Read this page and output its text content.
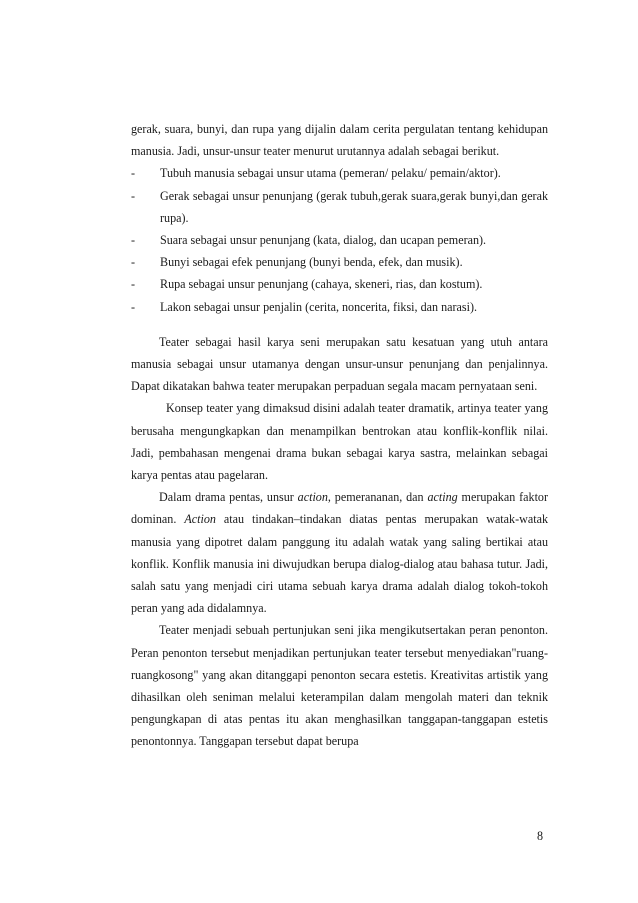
gerak, suara, bunyi, dan rupa yang dijalin dalam cerita pergulatan tentang kehidupan manusia. Jadi, unsur-unsur teater menurut urutannya adalah sebagai berikut.

- Tubuh manusia sebagai unsur utama (pemeran/ pelaku/ pemain/aktor).
- Gerak sebagai unsur penunjang (gerak tubuh,gerak suara,gerak bunyi,dan gerak rupa).
- Suara sebagai unsur penunjang (kata, dialog, dan ucapan pemeran).
- Bunyi sebagai efek penunjang (bunyi benda, efek, dan musik).
- Rupa sebagai unsur penunjang (cahaya, skeneri, rias, dan kostum).
- Lakon sebagai unsur penjalin (cerita, noncerita, fiksi, dan narasi).

Teater sebagai hasil karya seni merupakan satu kesatuan yang utuh antara manusia sebagai unsur utamanya dengan unsur-unsur penunjang dan penjalinnya. Dapat dikatakan bahwa teater merupakan perpaduan segala macam pernyataan seni.

Konsep teater yang dimaksud disini adalah teater dramatik, artinya teater yang berusaha mengungkapkan dan menampilkan bentrokan atau konflik-konflik nilai. Jadi, pembahasan mengenai drama bukan sebagai karya sastra, melainkan sebagai karya pentas atau pagelaran.

Dalam drama pentas, unsur action, pemerananan, dan acting merupakan faktor dominan. Action atau tindakan–tindakan diatas pentas merupakan watak-watak manusia yang dipotret dalam panggung itu adalah watak yang saling bertikai atau konflik. Konflik manusia ini diwujudkan berupa dialog-dialog atau bahasa tutur. Jadi, salah satu yang menjadi ciri utama sebuah karya drama adalah dialog tokoh-tokoh peran yang ada didalamnya.

Teater menjadi sebuah pertunjukan seni jika mengikutsertakan peran penonton. Peran penonton tersebut menjadikan pertunjukan teater tersebut menyediakan"ruang-ruangkosong" yang akan ditanggapi penonton secara estetis. Kreativitas artistik yang dihasilkan oleh seniman melalui keterampilan dalam mengolah materi dan teknik pengungkapan di atas pentas itu akan menghasilkan tanggapan-tanggapan estetis penontonnya. Tanggapan tersebut dapat berupa

8
